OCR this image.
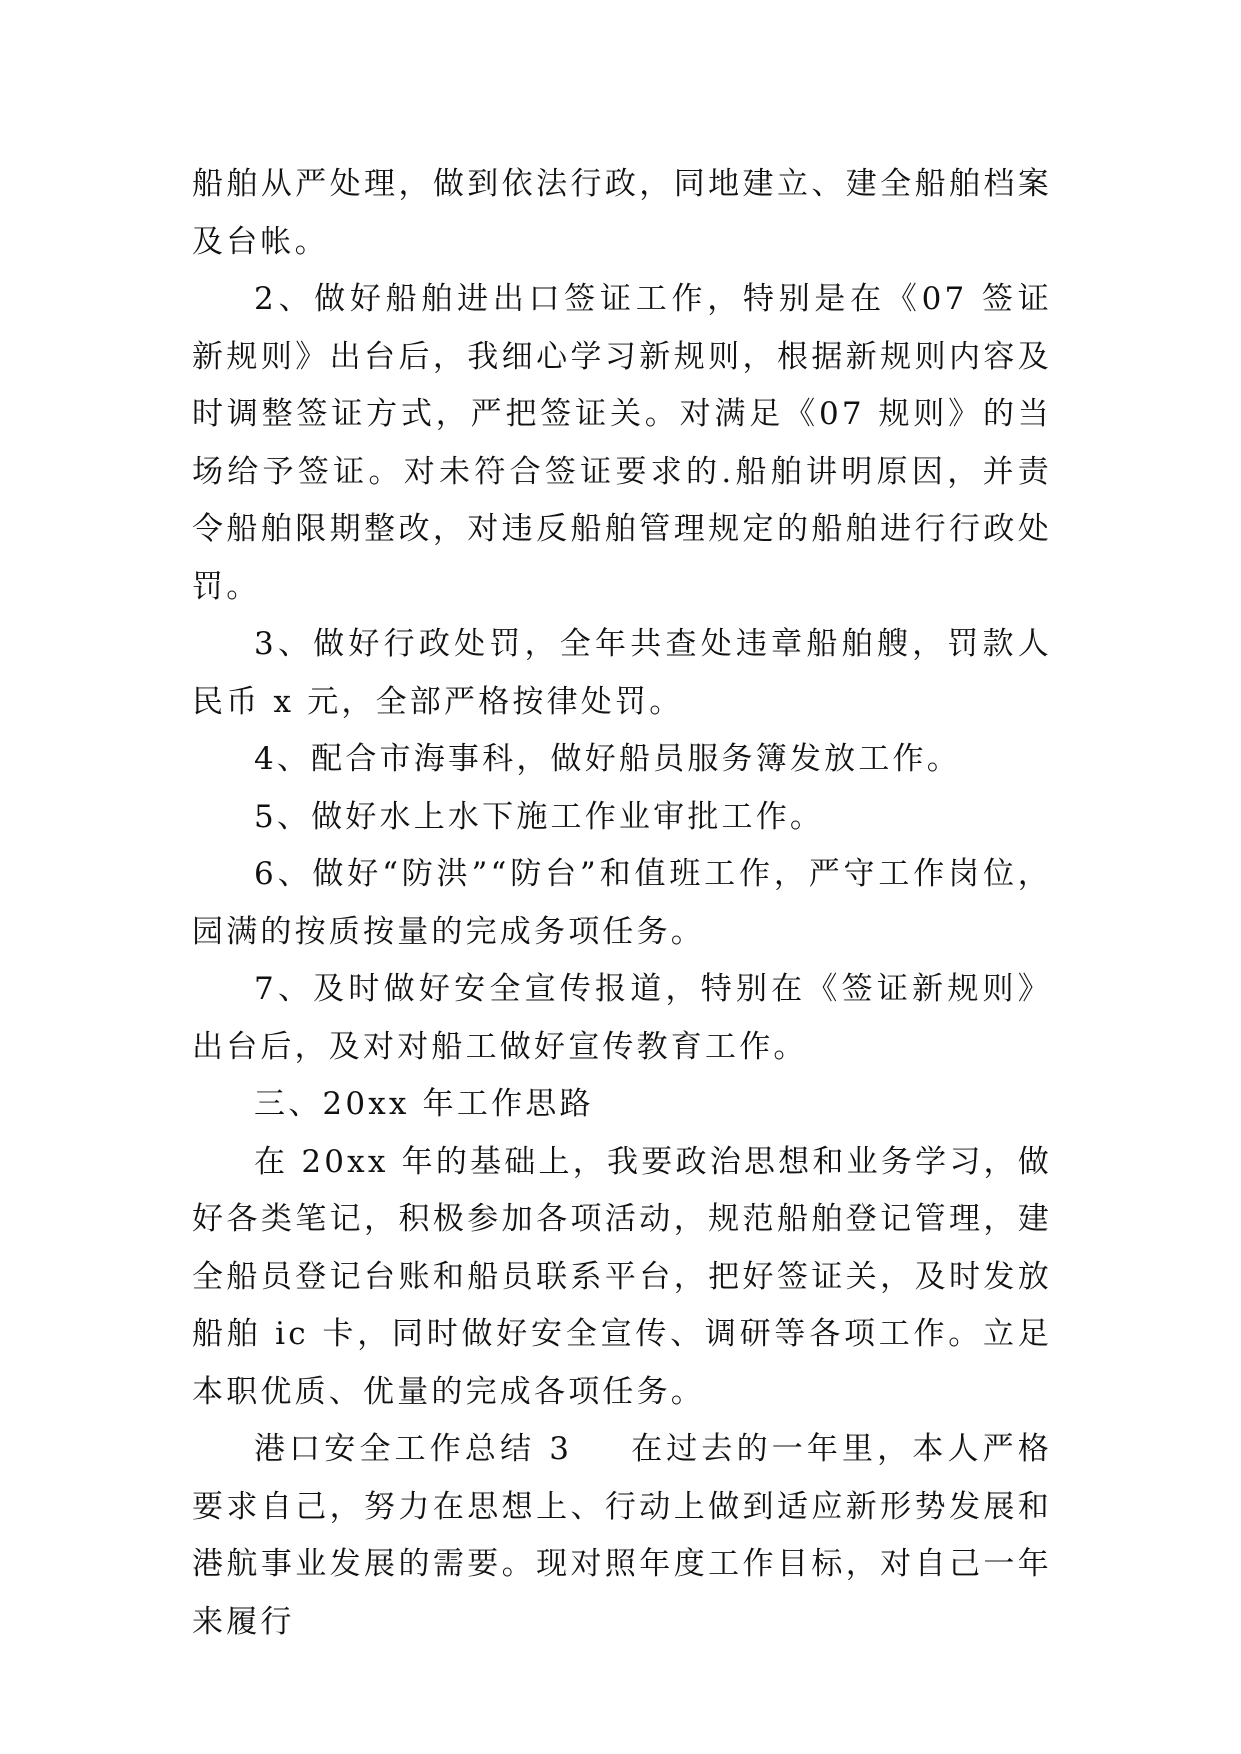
船舶从严处理，做到依法行政，同地建立、建全船舶档案及台帐。

2、做好船舶进出口签证工作，特别是在《07 签证新规则》出台后，我细心学习新规则，根据新规则内容及时调整签证方式，严把签证关。对满足《07 规则》的当场给予签证。对未符合签证要求的.船舶讲明原因，并责令船舶限期整改，对违反船舶管理规定的船舶进行行政处罚。

3、做好行政处罚，全年共查处违章船舶艘，罚款人民币 x 元，全部严格按律处罚。

4、配合市海事科，做好船员服务簿发放工作。

5、做好水上水下施工作业审批工作。

6、做好“防洪”“防台”和值班工作，严守工作岗位，园满的按质按量的完成务项任务。

7、及时做好安全宣传报道，特别在《签证新规则》出台后，及对对船工做好宣传教育工作。

三、20xx 年工作思路

在 20xx 年的基础上，我要政治思想和业务学习，做好各类笔记，积极参加各项活动，规范船舶登记管理，建全船员登记台账和船员联系平台，把好签证关，及时发放船舶 ic 卡，同时做好安全宣传、调研等各项工作。立足本职优质、优量的完成各项任务。

港口安全工作总结 3 在过去的一年里，本人严格要求自己，努力在思想上、行动上做到适应新形势发展和港航事业发展的需要。现对照年度工作目标，对自己一年来履行
